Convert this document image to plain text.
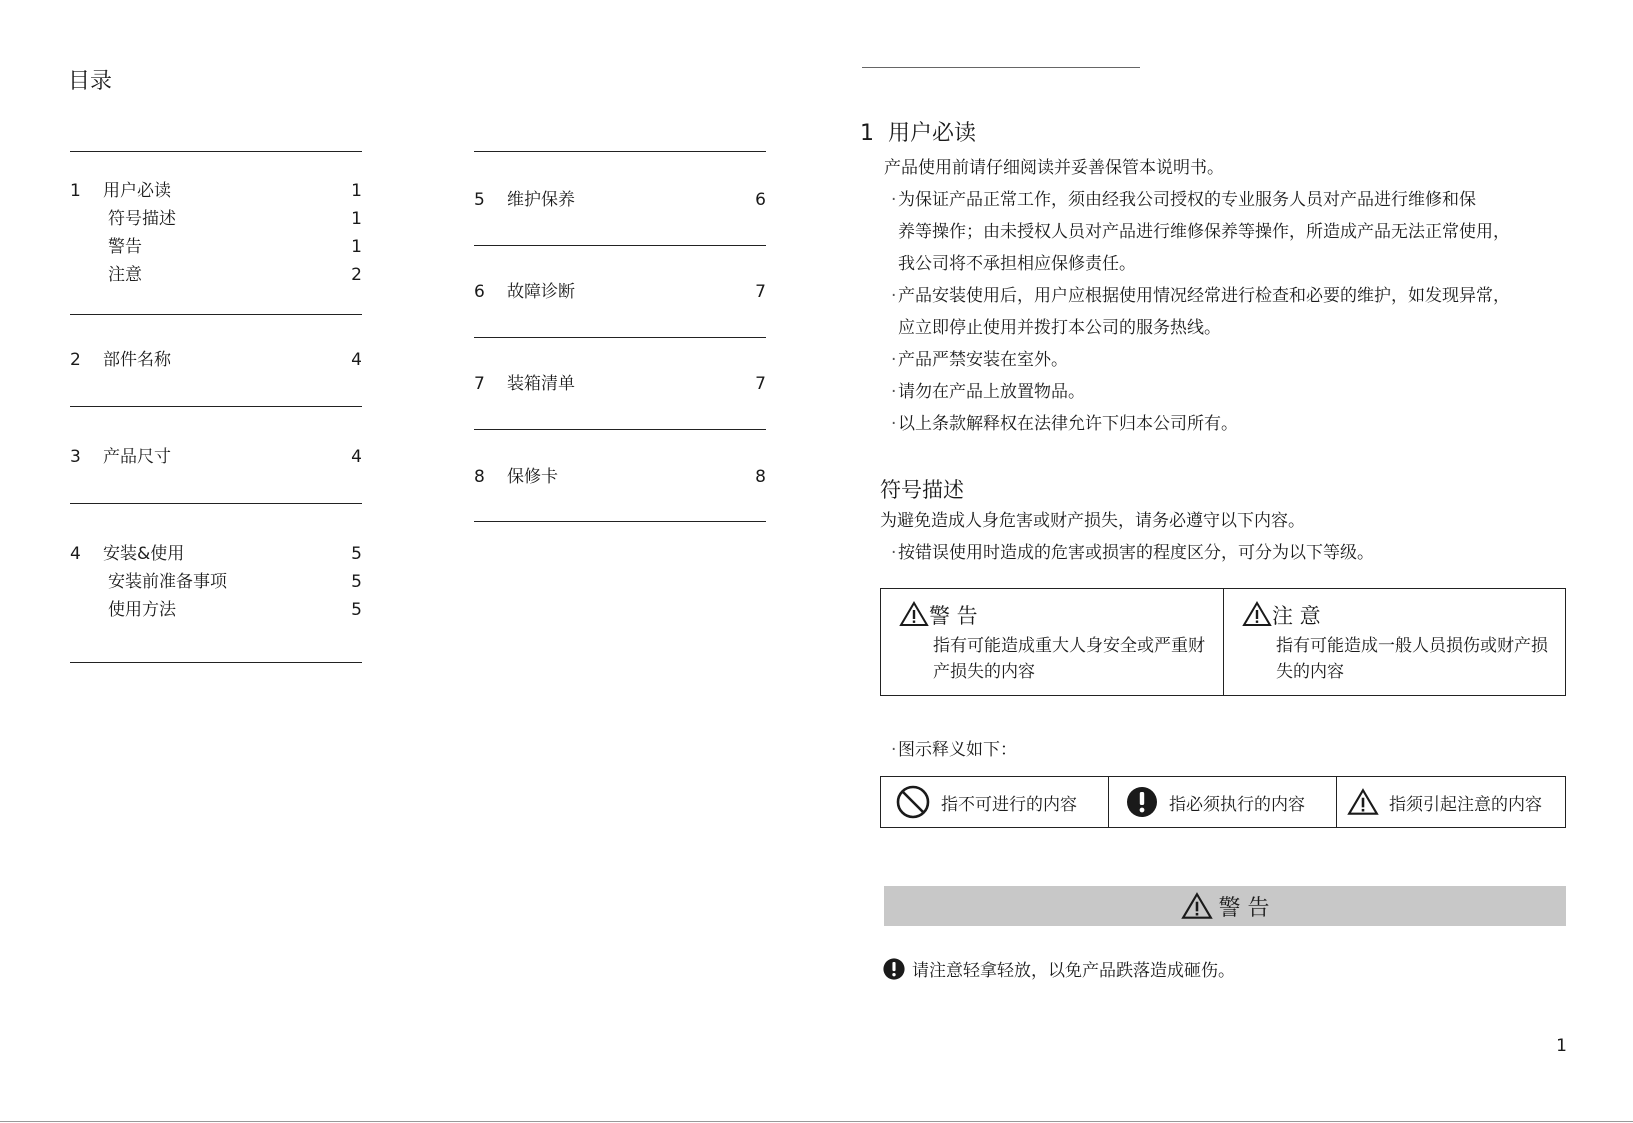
目录
1 用户必读	1
符号描述	1
警告	1
注意	2
2 部件名称	4
3 产品尺寸	4
4 安装&使用	5
安装前准备事项	5
使用方法	5
5 维护保养	6
6 故障诊断	7
7 装箱清单	7
8 保修卡	8
1  用户必读
产品使用前请仔细阅读并妥善保管本说明书。
· 为保证产品正常工作，须由经我公司授权的专业服务人员对产品进行维修和保
养等操作；由未授权人员对产品进行维修保养等操作，所造成产品无法正常使用，
我公司将不承担相应保修责任。
· 产品安装使用后，用户应根据使用情况经常进行检查和必要的维护，如发现异常，
应立即停止使用并拨打本公司的服务热线。
· 产品严禁安装在室外。
· 请勿在产品上放置物品。
· 以上条款解释权在法律允许下归本公司所有。
符号描述
为避免造成人身危害或财产损失，请务必遵守以下内容。
· 按错误使用时造成的危害或损害的程度区分，可分为以下等级。
警 告
指有可能造成重大人身安全或严重财产损失的内容
注 意
指有可能造成一般人员损伤或财产损失的内容
· 图示释义如下：
指不可进行的内容	指必须执行的内容	指须引起注意的内容
警 告
请注意轻拿轻放，以免产品跌落造成砸伤。
1
